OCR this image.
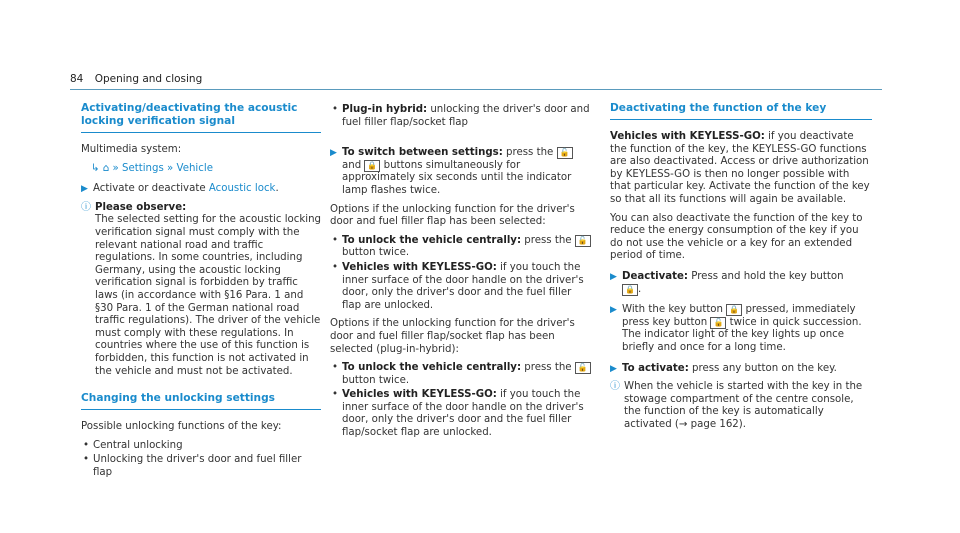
84 Opening and closing
Activating/deactivating the acoustic locking verification signal
Multimedia system:
↳ ⌂ » Settings » Vehicle
▶ Activate or deactivate Acoustic lock.
ⓘ Please observe:
The selected setting for the acoustic locking verification signal must comply with the relevant national road and traffic regulations. In some countries, including Germany, using the acoustic locking verification signal is forbidden by traffic laws (in accordance with §16 Para. 1 and §30 Para. 1 of the German national road traffic regulations). The driver of the vehicle must comply with these regulations. In countries where the use of this function is forbidden, this function is not activated in the vehicle and must not be activated.
Changing the unlocking settings
Possible unlocking functions of the key:
• Central unlocking
• Unlocking the driver's door and fuel filler flap
• Plug-in hybrid: unlocking the driver's door and fuel filler flap/socket flap
▶ To switch between settings: press the 🔓 and 🔒 buttons simultaneously for approximately six seconds until the indicator lamp flashes twice.
Options if the unlocking function for the driver's door and fuel filler flap has been selected:
• To unlock the vehicle centrally: press the 🔓 button twice.
• Vehicles with KEYLESS-GO: if you touch the inner surface of the door handle on the driver's door, only the driver's door and the fuel filler flap are unlocked.
Options if the unlocking function for the driver's door and fuel filler flap/socket flap has been selected (plug-in-hybrid):
• To unlock the vehicle centrally: press the 🔓 button twice.
• Vehicles with KEYLESS-GO: if you touch the inner surface of the door handle on the driver's door, only the driver's door and the fuel filler flap/socket flap are unlocked.
Deactivating the function of the key
Vehicles with KEYLESS-GO: if you deactivate the function of the key, the KEYLESS-GO functions are also deactivated. Access or drive authorization by KEYLESS-GO is then no longer possible with that particular key. Activate the function of the key so that all its functions will again be available.
You can also deactivate the function of the key to reduce the energy consumption of the key if you do not use the vehicle or a key for an extended period of time.
▶ Deactivate: Press and hold the key button
🔒 .
▶ With the key button 🔒 pressed, immediately press key button 🔓 twice in quick succession.
The indicator light of the key lights up once briefly and once for a long time.
▶ To activate: press any button on the key.
ⓘ When the vehicle is started with the key in the stowage compartment of the centre console, the function of the key is automatically activated (→ page 162).
